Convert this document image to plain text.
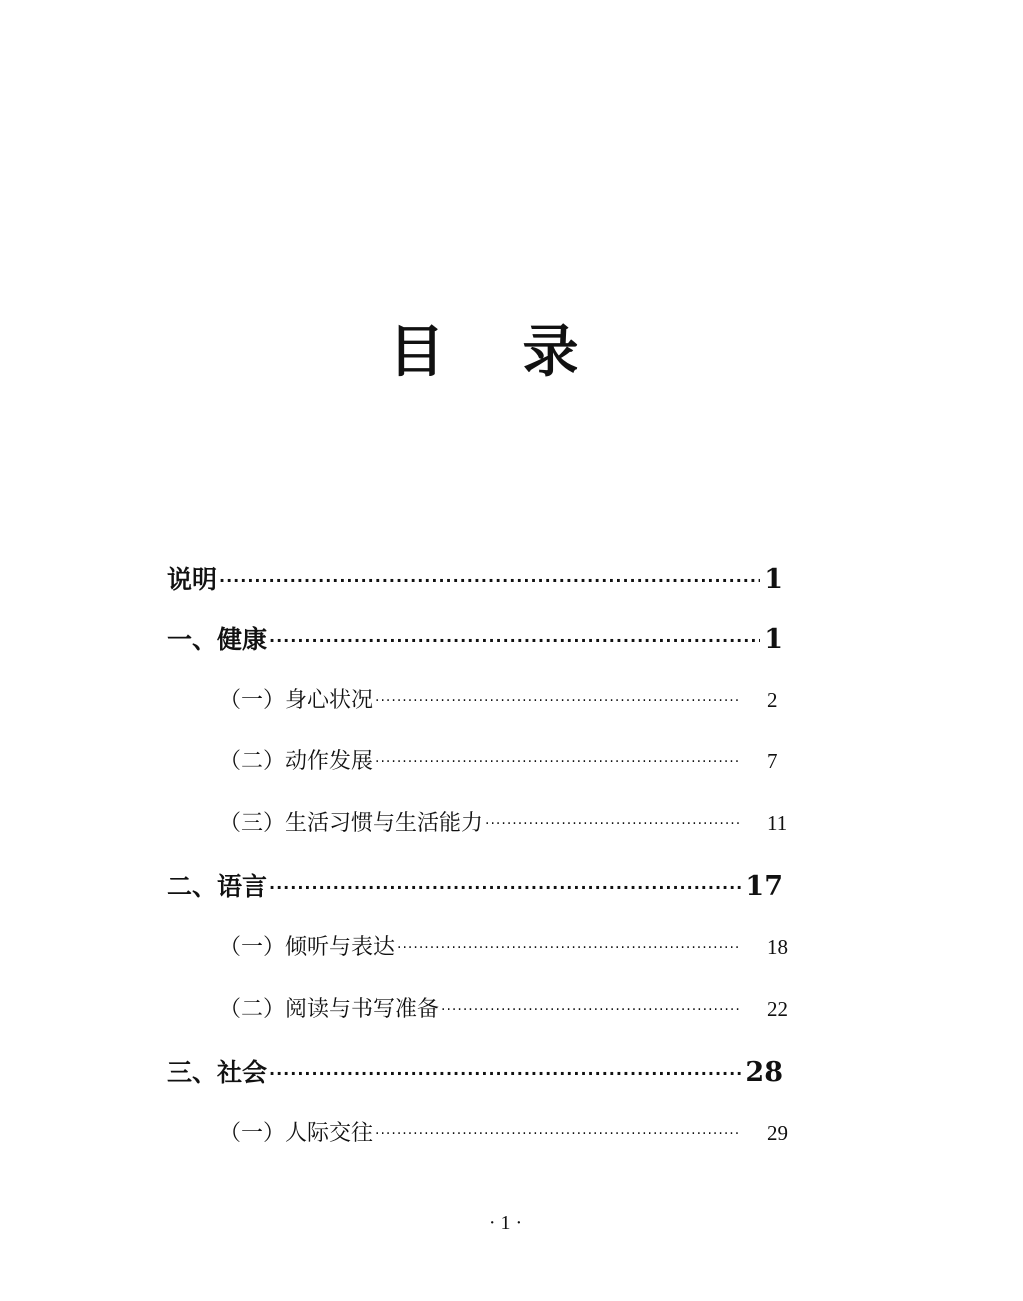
目 录
说明 ·····	1
一、健康 ·····	1
（一）身心状况 ·····	2
（二）动作发展 ·····	7
（三）生活习惯与生活能力 ·····	11
二、语言 ·····	17
（一）倾听与表达 ·····	18
（二）阅读与书写准备 ·····	22
三、社会 ·····	28
（一）人际交往 ·····	29
· 1 ·
